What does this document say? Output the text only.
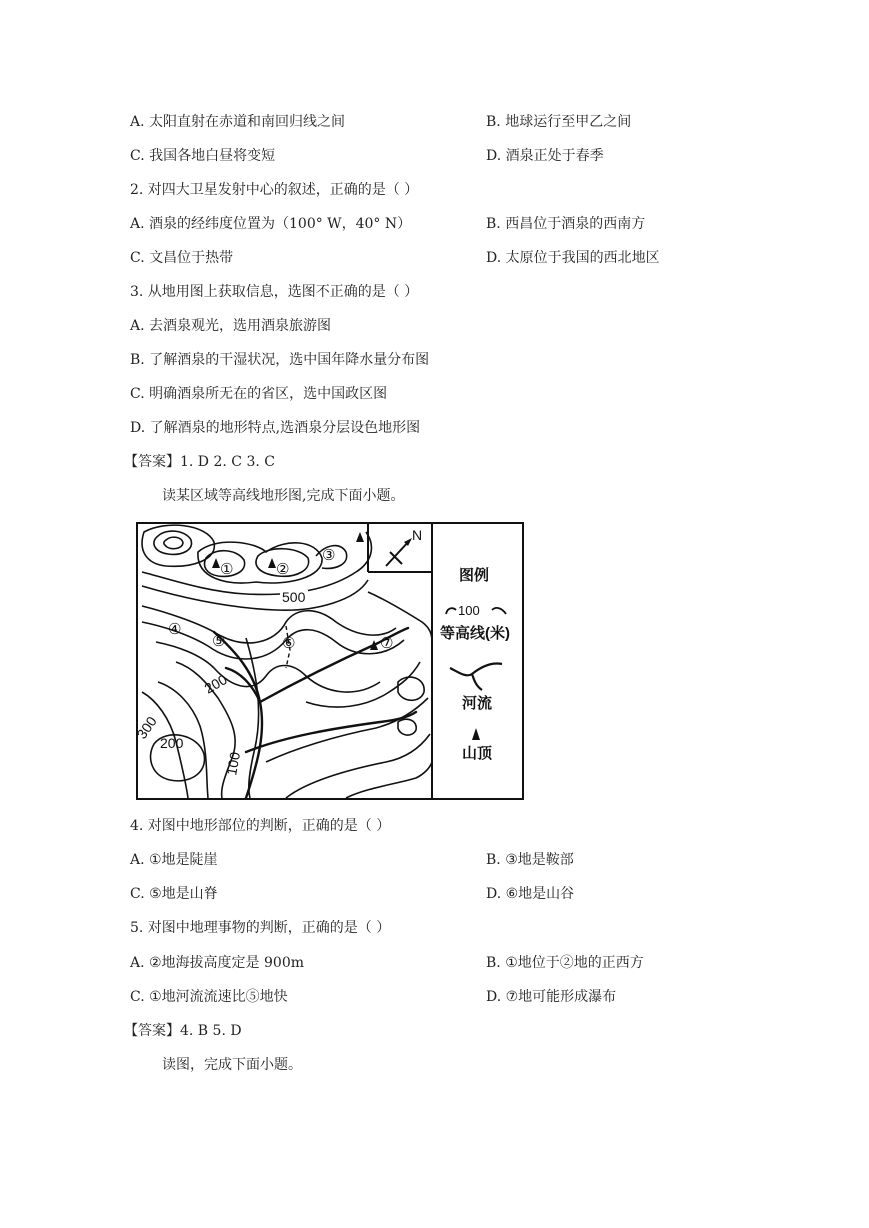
A. 太阳直射在赤道和南回归线之间	B. 地球运行至甲乙之间
C. 我国各地白昼将变短	D. 酒泉正处于春季
2. 对四大卫星发射中心的叙述，正确的是（ ）
A. 酒泉的经纬度位置为（100° W，40° N）	B. 西昌位于酒泉的西南方
C. 文昌位于热带	D. 太原位于我国的西北地区
3. 从地用图上获取信息，选图不正确的是（ ）
A. 去酒泉观光，选用酒泉旅游图
B. 了解酒泉的干湿状况，选中国年降水量分布图
C. 明确酒泉所无在的省区，选中国政区图
D. 了解酒泉的地形特点,选酒泉分层设色地形图
【答案】1. D 2. C 3. C
读某区域等高线地形图,完成下面小题。
①	②
③
④
⑤	⑥	⑦
500
200
300
200
100
N
图例
100
等高线(米)
河流
山顶
4. 对图中地形部位的判断，正确的是（ ）
A. ①地是陡崖	B. ③地是鞍部
C. ⑤地是山脊	D. ⑥地是山谷
5. 对图中地理事物的判断，正确的是（ ）
A. ②地海拔高度定是 900m	B. ①地位于②地的正西方
C. ①地河流流速比⑤地快	D. ⑦地可能形成瀑布
【答案】4. B 5. D
读图，完成下面小题。
